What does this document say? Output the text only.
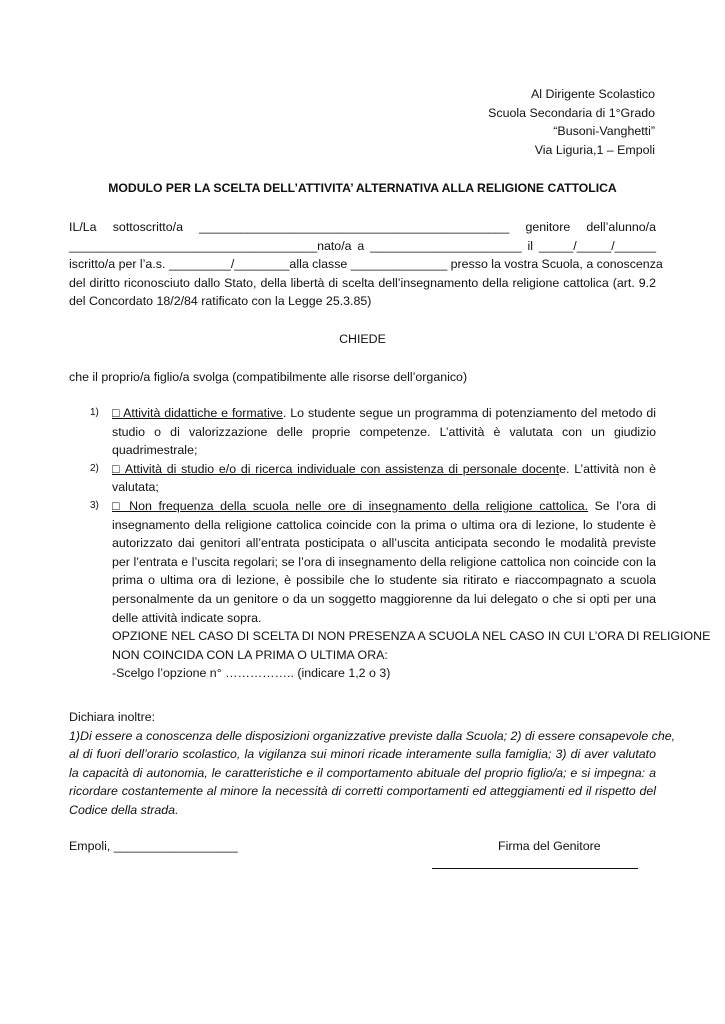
Al Dirigente Scolastico
Scuola Secondaria di 1°Grado
“Busoni-Vanghetti”
Via Liguria,1 – Empoli
MODULO PER LA SCELTA DELL’ATTIVITA’ ALTERNATIVA ALLA RELIGIONE CATTOLICA
IL/La sottoscritto/a _____________________________________________ genitore dell’alunno/a
____________________________________nato/a a ______________________ il _____/_____/______
iscritto/a per l’a.s. _________/________alla classe ______________ presso la vostra Scuola, a conoscenza
del diritto riconosciuto dallo Stato, della libertà di scelta dell’insegnamento della religione cattolica (art. 9.2
del Concordato 18/2/84 ratificato con la Legge 25.3.85)
CHIEDE
che il proprio/a figlio/a svolga (compatibilmente alle risorse dell’organico)
1) □ Attività didattiche e formative. Lo studente segue un programma di potenziamento del metodo di
studio o di valorizzazione delle proprie competenze. L’attività è valutata con un giudizio
quadrimestrale;
2) □ Attività di studio e/o di ricerca individuale con assistenza di personale docente. L’attività non è
valutata;
3) □ Non frequenza della scuola nelle ore di insegnamento della religione cattolica. Se l’ora di
insegnamento della religione cattolica coincide con la prima o ultima ora di lezione, lo studente è
autorizzato dai genitori all’entrata posticipata o all’uscita anticipata secondo le modalità previste
per l’entrata e l’uscita regolari; se l’ora di insegnamento della religione cattolica non coincide con la
prima o ultima ora di lezione, è possibile che lo studente sia ritirato e riaccompagnato a scuola
personalmente da un genitore o da un soggetto maggiorenne da lui delegato o che si opti per una
delle attività indicate sopra.
OPZIONE NEL CASO DI SCELTA DI NON PRESENZA A SCUOLA NEL CASO IN CUI L’ORA DI RELIGIONE
NON COINCIDA CON LA PRIMA O ULTIMA ORA:
-Scelgo l’opzione n° …………….. (indicare 1,2 o 3)
Dichiara inoltre:
1)Di essere a conoscenza delle disposizioni organizzative previste dalla Scuola; 2) di essere consapevole che,
al di fuori dell’orario scolastico, la vigilanza sui minori ricade interamente sulla famiglia; 3) di aver valutato
la capacità di autonomia, le caratteristiche e il comportamento abituale del proprio figlio/a; e si impegna: a
ricordare costantemente al minore la necessità di corretti comportamenti ed atteggiamenti ed il rispetto del
Codice della strada.
Empoli, __________________	Firma del Genitore
